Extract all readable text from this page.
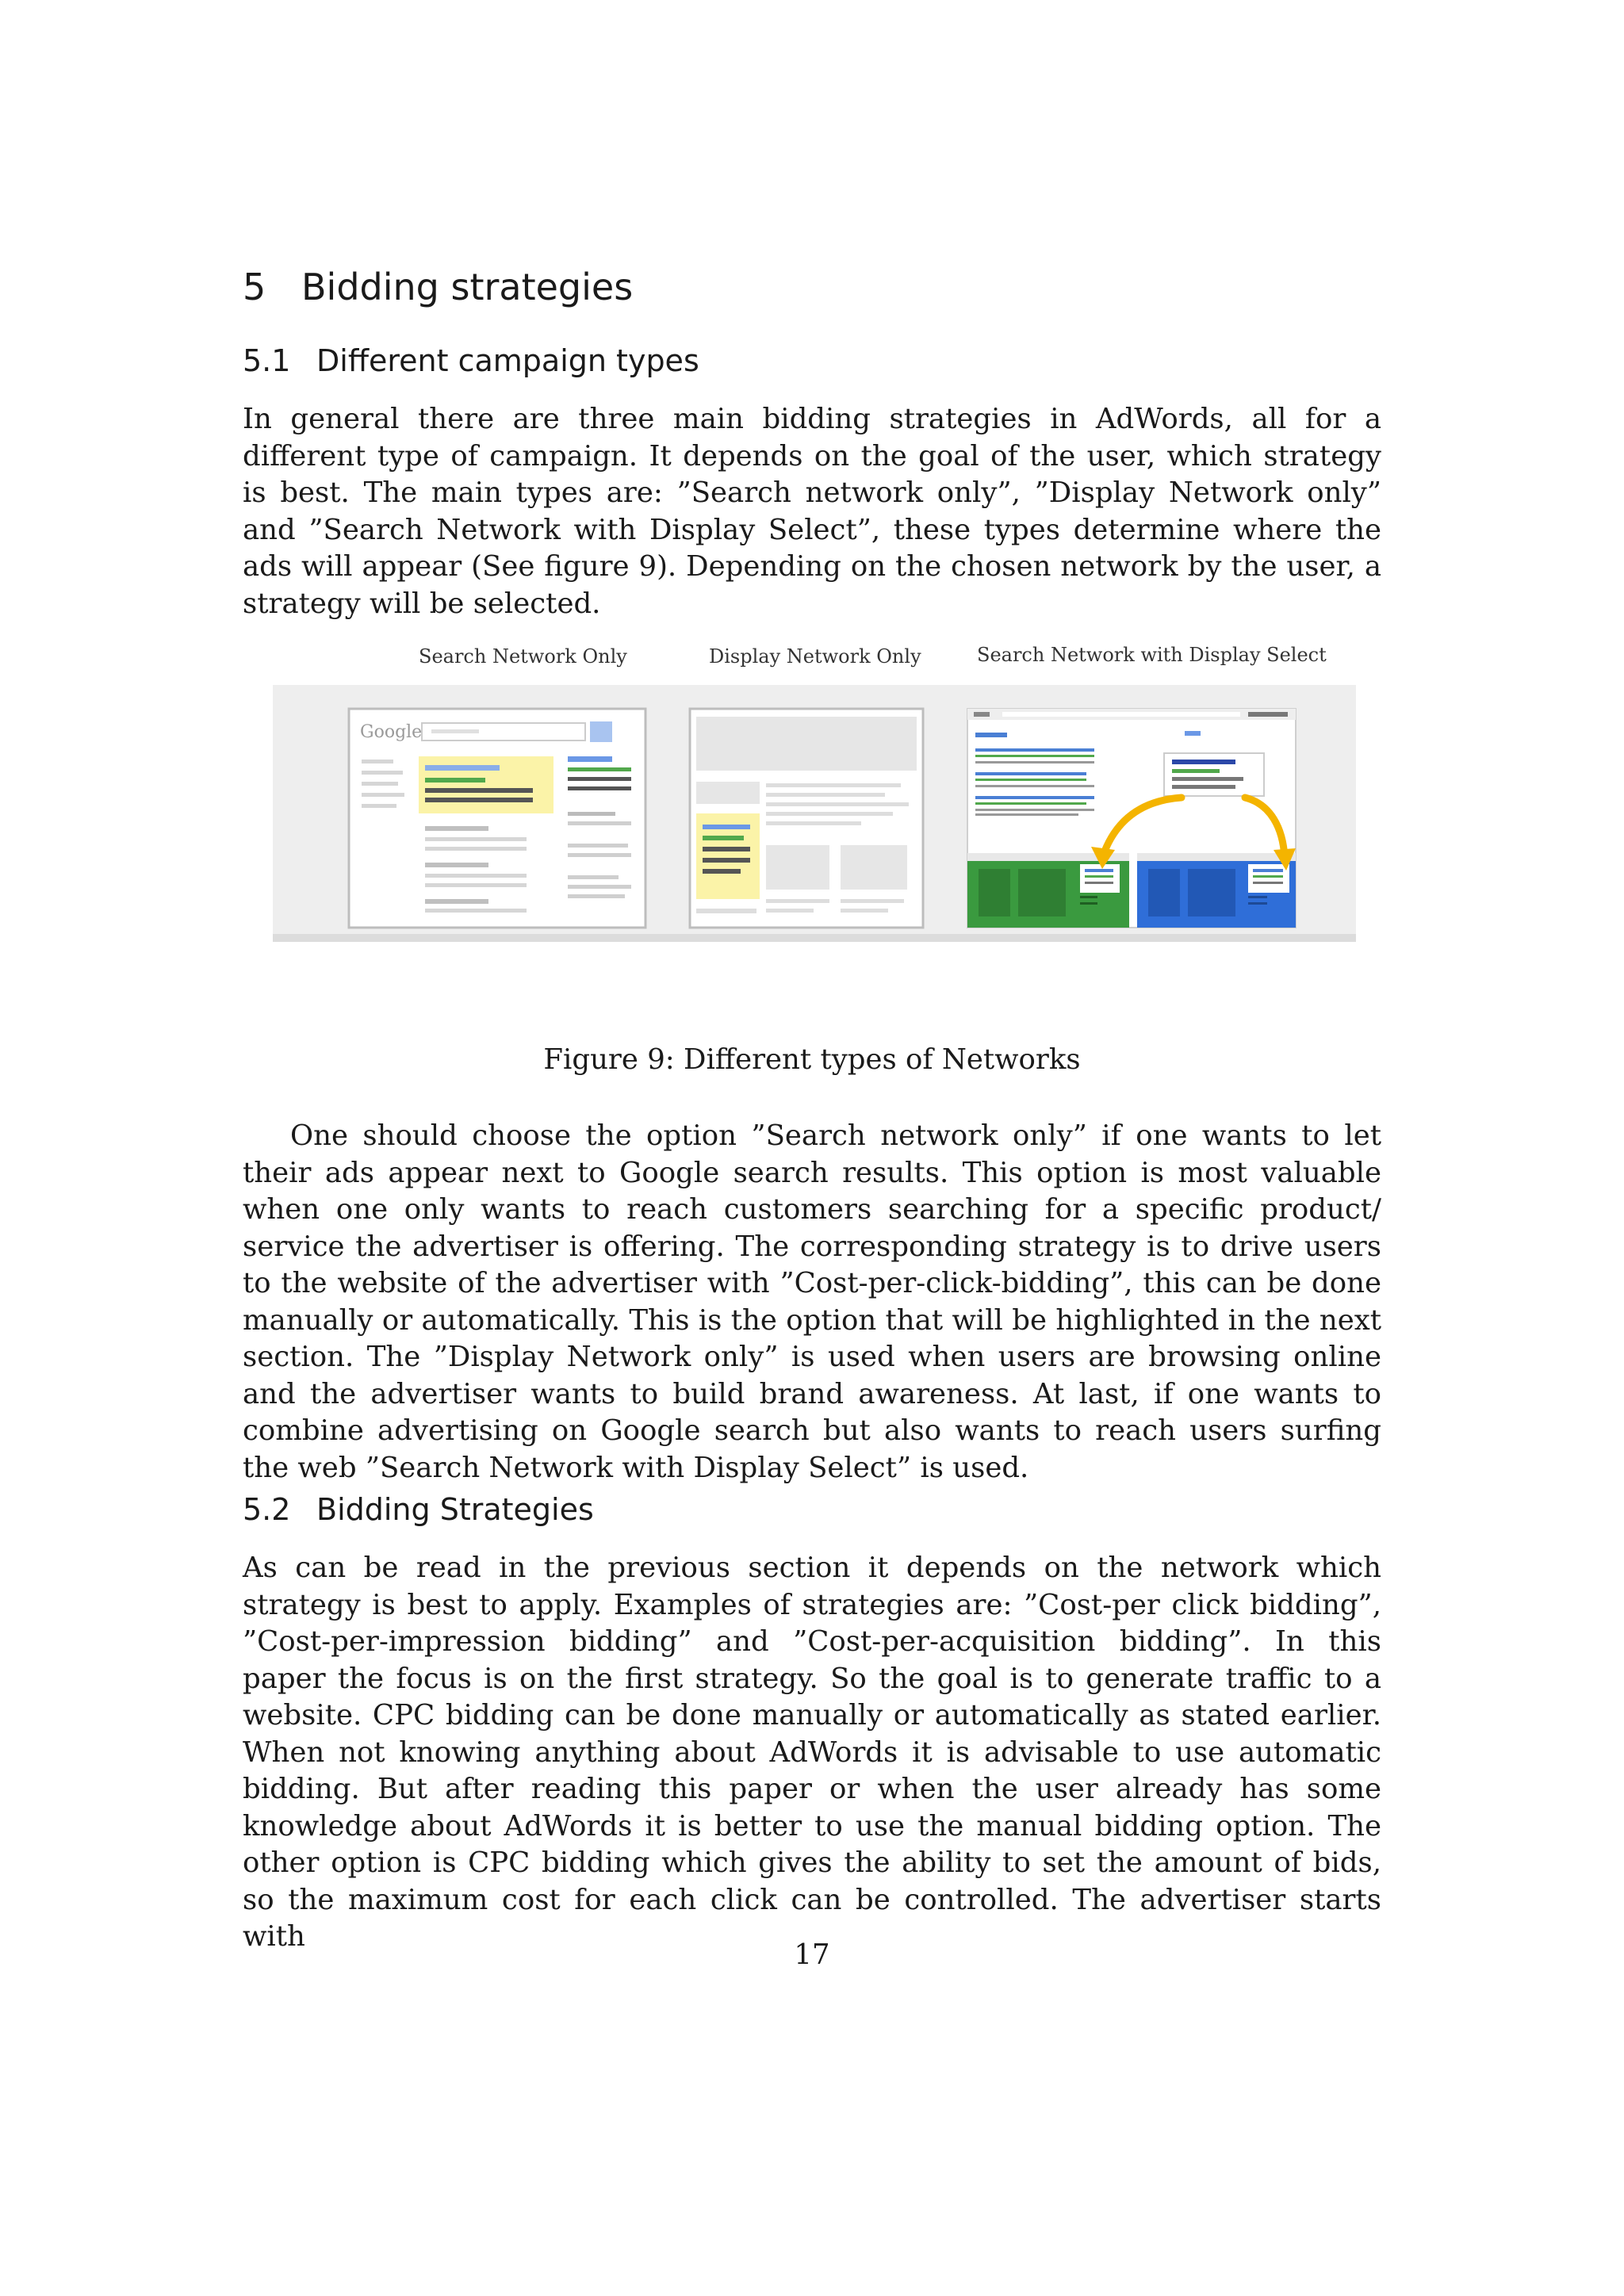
5 Bidding strategies
5.1 Different campaign types

In general there are three main bidding strategies in AdWords, all for a different type of campaign. It depends on the goal of the user, which strategy is best. The main types are: ”Search network only”, ”Display Network only” and ”Search Network with Display Select”, these types determine where the ads will appear (See figure 9). Depending on the chosen network by the user, a strategy will be selected.

Google
Search Network Only	Display Network Only	Search Network with Display Select
Figure 9: Different types of Networks

One should choose the option ”Search network only” if one wants to let their ads appear next to Google search results. This option is most valuable when one only wants to reach customers searching for a specific product/ service the advertiser is offering. The corresponding strategy is to drive users to the website of the advertiser with ”Cost-per-click-bidding”, this can be done manually or automatically. This is the option that will be highlighted in the next section. The ”Display Network only” is used when users are browsing online and the advertiser wants to build brand awareness. At last, if one wants to combine advertising on Google search but also wants to reach users surfing the web ”Search Network with Display Select” is used.

5.2 Bidding Strategies

As can be read in the previous section it depends on the network which strategy is best to apply. Examples of strategies are: ”Cost-per click bidding”, ”Cost-per-impression bidding” and ”Cost-per-acquisition bidding”. In this paper the focus is on the first strategy. So the goal is to generate traffic to a website. CPC bidding can be done manually or automatically as stated earlier. When not knowing anything about AdWords it is advisable to use automatic bidding. But after reading this paper or when the user already has some knowledge about AdWords it is better to use the manual bidding option. The other option is CPC bidding which gives the ability to set the amount of bids, so the maximum cost for each click can be controlled. The advertiser starts with

17
